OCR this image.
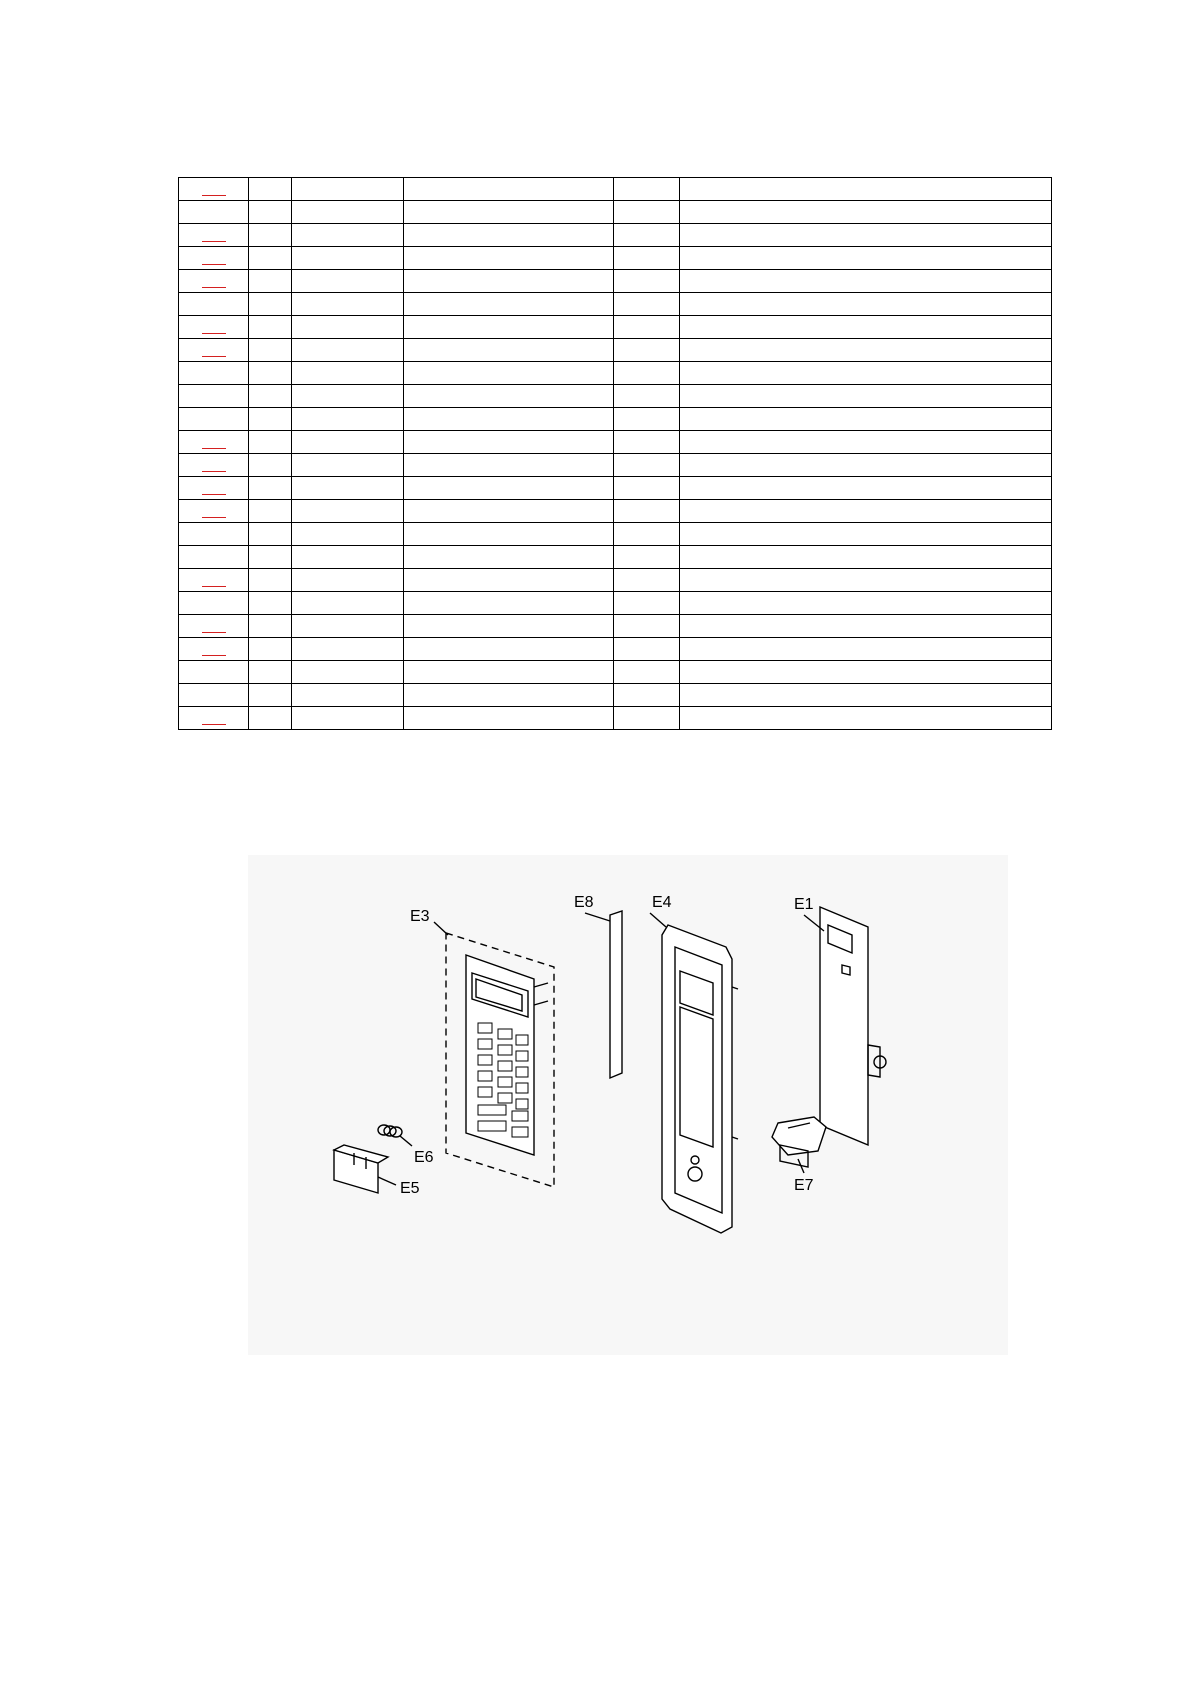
E8	E4	E1
E3
E7
E6
E5
